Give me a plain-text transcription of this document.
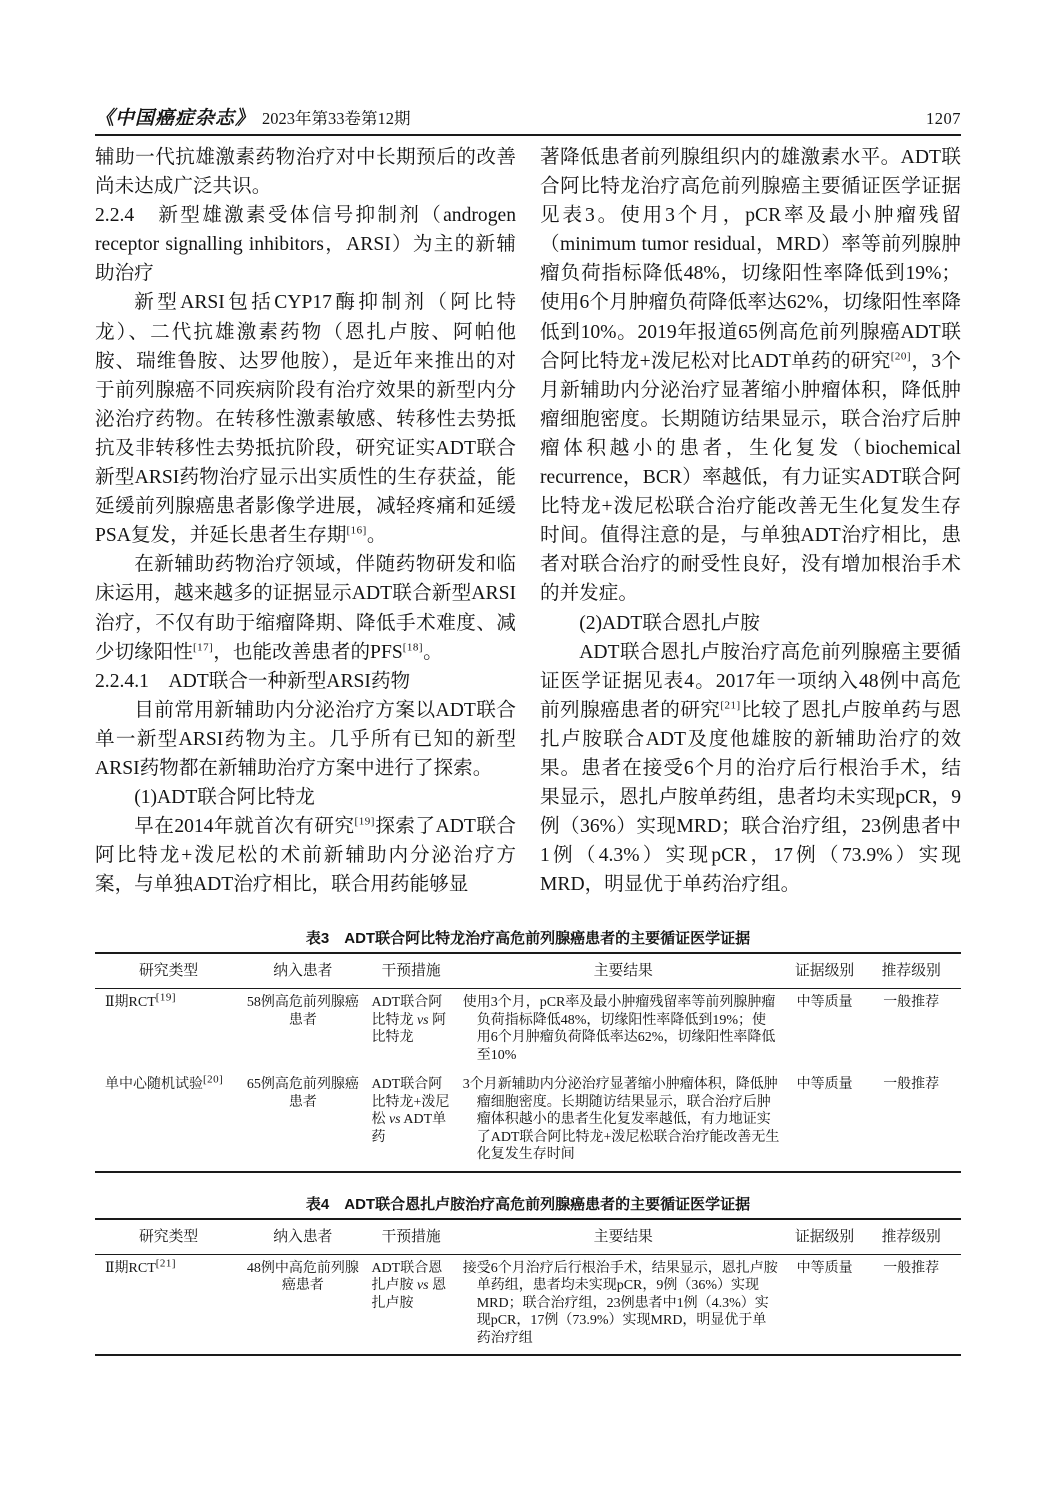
《中国癌症杂志》 2023年第33卷第12期	1207

辅助一代抗雄激素药物治疗对中长期预后的改善尚未达成广泛共识。

2.2.4　新型雄激素受体信号抑制剂（androgen receptor signalling inhibitors，ARSI）为主的新辅助治疗

新型ARSI包括CYP17酶抑制剂（阿比特龙）、二代抗雄激素药物（恩扎卢胺、阿帕他胺、瑞维鲁胺、达罗他胺），是近年来推出的对于前列腺癌不同疾病阶段有治疗效果的新型内分泌治疗药物。在转移性激素敏感、转移性去势抵抗及非转移性去势抵抗阶段，研究证实ADT联合新型ARSI药物治疗显示出实质性的生存获益，能延缓前列腺癌患者影像学进展，减轻疼痛和延缓PSA复发，并延长患者生存期[16]。

在新辅助药物治疗领域，伴随药物研发和临床运用，越来越多的证据显示ADT联合新型ARSI治疗，不仅有助于缩瘤降期、降低手术难度、减少切缘阳性[17]，也能改善患者的PFS[18]。

2.2.4.1　ADT联合一种新型ARSI药物

目前常用新辅助内分泌治疗方案以ADT联合单一新型ARSI药物为主。几乎所有已知的新型ARSI药物都在新辅助治疗方案中进行了探索。

(1)ADT联合阿比特龙

早在2014年就首次有研究[19]探索了ADT联合阿比特龙+泼尼松的术前新辅助内分泌治疗方案，与单独ADT治疗相比，联合用药能够显

著降低患者前列腺组织内的雄激素水平。ADT联合阿比特龙治疗高危前列腺癌主要循证医学证据见表3。使用3个月，pCR率及最小肿瘤残留（minimum tumor residual，MRD）率等前列腺肿瘤负荷指标降低48%，切缘阳性率降低到19%；使用6个月肿瘤负荷降低率达62%，切缘阳性率降低到10%。2019年报道65例高危前列腺癌ADT联合阿比特龙+泼尼松对比ADT单药的研究[20]，3个月新辅助内分泌治疗显著缩小肿瘤体积，降低肿瘤细胞密度。长期随访结果显示，联合治疗后肿瘤体积越小的患者，生化复发（biochemical recurrence，BCR）率越低，有力证实ADT联合阿比特龙+泼尼松联合治疗能改善无生化复发生存时间。值得注意的是，与单独ADT治疗相比，患者对联合治疗的耐受性良好，没有增加根治手术的并发症。

(2)ADT联合恩扎卢胺

ADT联合恩扎卢胺治疗高危前列腺癌主要循证医学证据见表4。2017年一项纳入48例中高危前列腺癌患者的研究[21]比较了恩扎卢胺单药与恩扎卢胺联合ADT及度他雄胺的新辅助治疗的效果。患者在接受6个月的治疗后行根治手术，结果显示，恩扎卢胺单药组，患者均未实现pCR，9例（36%）实现MRD；联合治疗组，23例患者中1例（4.3%）实现pCR，17例（73.9%）实现MRD，明显优于单药治疗组。

表3　ADT联合阿比特龙治疗高危前列腺癌患者的主要循证医学证据
研究类型	纳入患者	干预措施	主要结果	证据级别	推荐级别
Ⅱ期RCT[19]	58例高危前列腺癌患者	ADT联合阿比特龙 vs 阿比特龙	使用3个月，pCR率及最小肿瘤残留率等前列腺肿瘤负荷指标降低48%，切缘阳性率降低到19%；使用6个月肿瘤负荷降低率达62%，切缘阳性率降低至10%	中等质量	一般推荐
单中心随机试验[20]	65例高危前列腺癌患者	ADT联合阿比特龙+泼尼松 vs ADT单药	3个月新辅助内分泌治疗显著缩小肿瘤体积，降低肿瘤细胞密度。长期随访结果显示，联合治疗后肿瘤体积越小的患者生化复发率越低，有力地证实了ADT联合阿比特龙+泼尼松联合治疗能改善无生化复发生存时间	中等质量	一般推荐
表4　ADT联合恩扎卢胺治疗高危前列腺癌患者的主要循证医学证据
研究类型	纳入患者	干预措施	主要结果	证据级别	推荐级别
Ⅱ期RCT[21]	48例中高危前列腺癌患者	ADT联合恩扎卢胺 vs 恩扎卢胺	接受6个月治疗后行根治手术，结果显示，恩扎卢胺单药组，患者均未实现pCR，9例（36%）实现MRD；联合治疗组，23例患者中1例（4.3%）实现pCR，17例（73.9%）实现MRD，明显优于单药治疗组	中等质量	一般推荐
